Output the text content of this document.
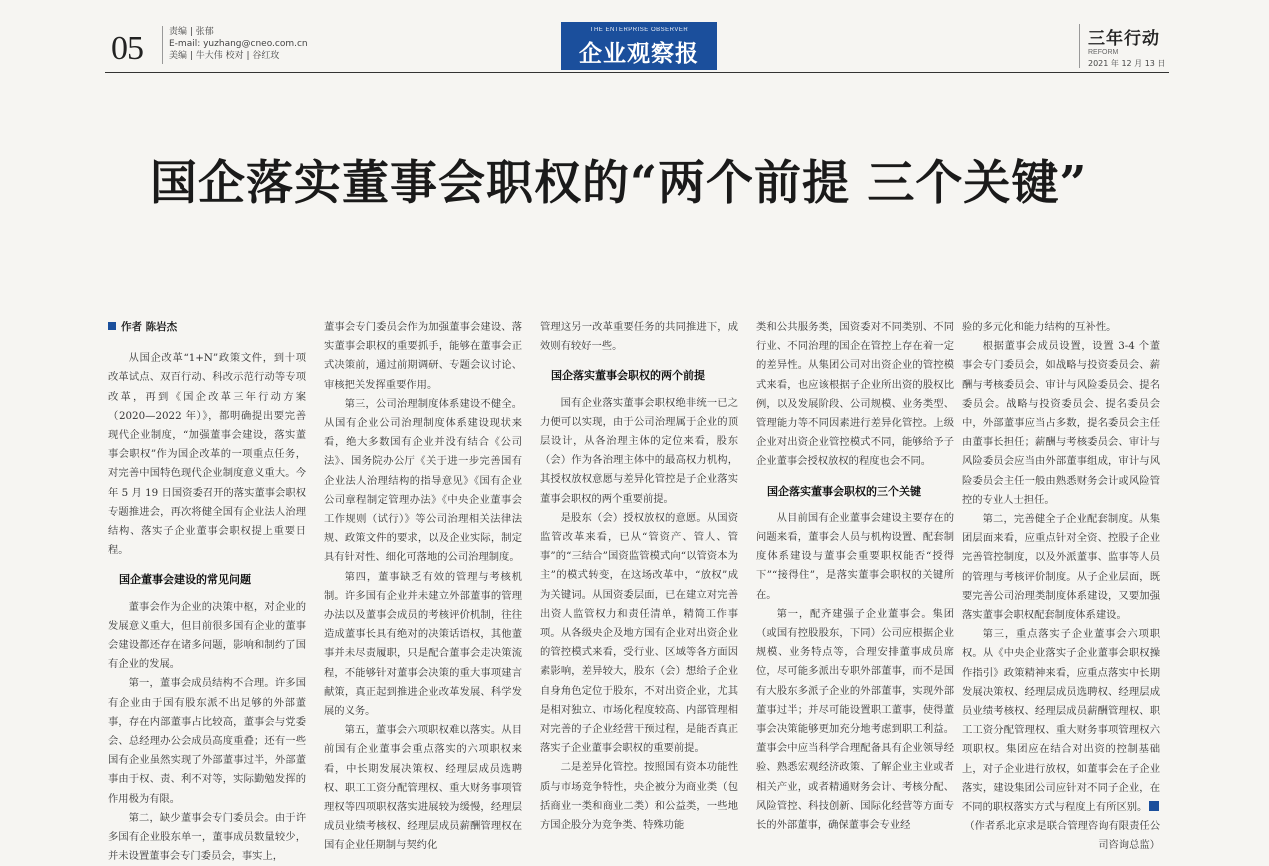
05	责编 | 张郁
E-mail: yuzhang@cneo.com.cn
美编 | 牛大伟 校对 | 谷红玫
THE ENTERPRISE OBSERVER
企业观察报
三年行动
REFORM
2021 年 12 月 13 日
国企落实董事会职权的“两个前提 三个关键”
作者 陈岩杰

从国企改革“1+N”政策文件，到十项改革试点、双百行动、科改示范行动等专项改革，再到《国企改革三年行动方案（2020—2022 年）》，都明确提出要完善现代企业制度，“加强董事会建设，落实董事会职权”作为国企改革的一项重点任务，对完善中国特色现代企业制度意义重大。今年 5 月 19 日国资委召开的落实董事会职权专题推进会，再次将健全国有企业法人治理结构、落实子企业董事会职权提上重要日程。

国企董事会建设的常见问题

董事会作为企业的决策中枢，对企业的发展意义重大，但目前很多国有企业的董事会建设都还存在诸多问题，影响和制约了国有企业的发展。

第一，董事会成员结构不合理。许多国有企业由于国有股东派不出足够的外部董事，存在内部董事占比较高，董事会与党委会、总经理办公会成员高度重叠；还有一些国有企业虽然实现了外部董事过半，外部董事由于权、责、利不对等，实际勤勉发挥的作用极为有限。

第二，缺少董事会专门委员会。由于许多国有企业股东单一，董事成员数量较少，并未设置董事会专门委员会，事实上，

董事会专门委员会作为加强董事会建设、落实董事会职权的重要抓手，能够在董事会正式决策前，通过前期调研、专题会议讨论、审核把关发挥重要作用。

第三，公司治理制度体系建设不健全。从国有企业公司治理制度体系建设现状来看，绝大多数国有企业并没有结合《公司法》、国务院办公厅《关于进一步完善国有企业法人治理结构的指导意见》《国有企业公司章程制定管理办法》《中央企业董事会工作规则（试行）》等公司治理相关法律法规、政策文件的要求，以及企业实际，制定具有针对性、细化可落地的公司治理制度。

第四，董事缺乏有效的管理与考核机制。许多国有企业并未建立外部董事的管理办法以及董事会成员的考核评价机制，往往造成董事长具有绝对的决策话语权，其他董事并未尽责履职，只是配合董事会走决策流程，不能够针对董事会决策的重大事项建言献策，真正起到推进企业改革发展、科学发展的义务。

第五，董事会六项职权难以落实。从目前国有企业董事会重点落实的六项职权来看，中长期发展决策权、经理层成员选聘权、职工工资分配管理权、重大财务事项管理权等四项职权落实进展较为缓慢，经理层成员业绩考核权、经理层成员薪酬管理权在国有企业任期制与契约化

管理这另一改革重要任务的共同推进下，成效则有较好一些。

国企落实董事会职权的两个前提

国有企业落实董事会职权绝非统一已之力便可以实现，由于公司治理属于企业的顶层设计，从各治理主体的定位来看，股东（会）作为各治理主体中的最高权力机构，其授权放权意愿与差异化管控是子企业落实董事会职权的两个重要前提。

是股东（会）授权放权的意愿。从国资监管改革来看，已从“管资产、管人、管事”的“三结合”国资监管模式向“以管资本为主”的模式转变，在这场改革中，“放权”成为关键词。从国资委层面，已在建立对完善出资人监管权力和责任清单，精简工作事项。从各级央企及地方国有企业对出资企业的管控模式来看，受行业、区域等各方面因素影响，差异较大，股东（会）想给子企业自身角色定位于股东，不对出资企业，尤其是相对独立、市场化程度较高、内部管理相对完善的子企业经营干预过程，是能否真正落实子企业董事会职权的重要前提。

二是差异化管控。按照国有资本功能性质与市场竞争特性，央企被分为商业类（包括商业一类和商业二类）和公益类，一些地方国企股分为竞争类、特殊功能

类和公共服务类，国资委对不同类别、不同行业、不同治理的国企在管控上存在着一定的差异性。从集团公司对出资企业的管控模式来看，也应该根据子企业所出资的股权比例，以及发展阶段、公司规模、业务类型、管理能力等不同因素进行差异化管控。上级企业对出资企业管控模式不同，能够给予子企业董事会授权放权的程度也会不同。

国企落实董事会职权的三个关键

从目前国有企业董事会建设主要存在的问题来看，董事会人员与机构设置、配套制度体系建设与董事会重要职权能否“授得下”“接得住”，是落实董事会职权的关键所在。

第一，配齐建强子企业董事会。集团（或国有控股股东，下同）公司应根据企业规模、业务特点等，合理安排董事成员席位，尽可能多派出专职外部董事，而不是国有大股东多派子企业的外部董事，实现外部董事过半；并尽可能设置职工董事，使得董事会决策能够更加充分地考虑到职工利益。董事会中应当科学合理配备具有企业领导经验、熟悉宏观经济政策、了解企业主业或者相关产业，或者精通财务会计、考核分配、风险管控、科技创新、国际化经营等方面专长的外部董事，确保董事会专业经

验的多元化和能力结构的互补性。

根据董事会成员设置，设置 3-4 个董事会专门委员会，如战略与投资委员会、薪酬与考核委员会、审计与风险委员会、提名委员会。战略与投资委员会、提名委员会中，外部董事应当占多数，提名委员会主任由董事长担任；薪酬与考核委员会、审计与风险委员会应当由外部董事组成，审计与风险委员会主任一般由熟悉财务会计或风险管控的专业人士担任。

第二，完善健全子企业配套制度。从集团层面来看，应重点针对全资、控股子企业完善管控制度，以及外派董事、监事等人员的管理与考核评价制度。从子企业层面，既要完善公司治理类制度体系建设，又要加强落实董事会职权配套制度体系建设。

第三，重点落实子企业董事会六项职权。从《中央企业落实子企业董事会职权操作指引》政策精神来看，应重点落实中长期发展决策权、经理层成员选聘权、经理层成员业绩考核权、经理层成员薪酬管理权、职工工资分配管理权、重大财务事项管理权六项职权。集团应在结合对出资的控制基础上，对子企业进行放权，如董事会在子企业落实，建设集团公司应针对不同子企业，在不同的职权落实方式与程度上有所区别。

（作者系北京求是联合管理咨询有限责任公司咨询总监）
